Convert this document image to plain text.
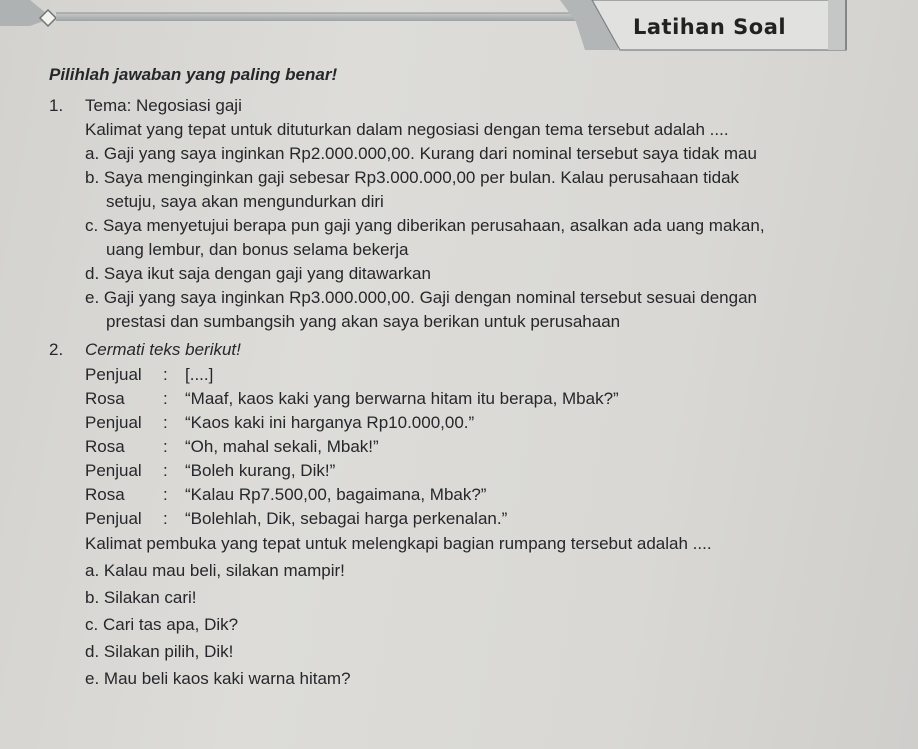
Latihan Soal
Pilihlah jawaban yang paling benar!
1. Tema: Negosiasi gaji
Kalimat yang tepat untuk dituturkan dalam negosiasi dengan tema tersebut adalah ....
a. Gaji yang saya inginkan Rp2.000.000,00. Kurang dari nominal tersebut saya tidak mau
b. Saya menginginkan gaji sebesar Rp3.000.000,00 per bulan. Kalau perusahaan tidak
setuju, saya akan mengundurkan diri
c. Saya menyetujui berapa pun gaji yang diberikan perusahaan, asalkan ada uang makan,
uang lembur, dan bonus selama bekerja
d. Saya ikut saja dengan gaji yang ditawarkan
e. Gaji yang saya inginkan Rp3.000.000,00. Gaji dengan nominal tersebut sesuai dengan
prestasi dan sumbangsih yang akan saya berikan untuk perusahaan
2. Cermati teks berikut!
Penjual : [....]
Rosa : “Maaf, kaos kaki yang berwarna hitam itu berapa, Mbak?”
Penjual : “Kaos kaki ini harganya Rp10.000,00.”
Rosa : “Oh, mahal sekali, Mbak!”
Penjual : “Boleh kurang, Dik!”
Rosa : “Kalau Rp7.500,00, bagaimana, Mbak?”
Penjual : “Bolehlah, Dik, sebagai harga perkenalan.”
Kalimat pembuka yang tepat untuk melengkapi bagian rumpang tersebut adalah ....
a. Kalau mau beli, silakan mampir!
b. Silakan cari!
c. Cari tas apa, Dik?
d. Silakan pilih, Dik!
e. Mau beli kaos kaki warna hitam?
